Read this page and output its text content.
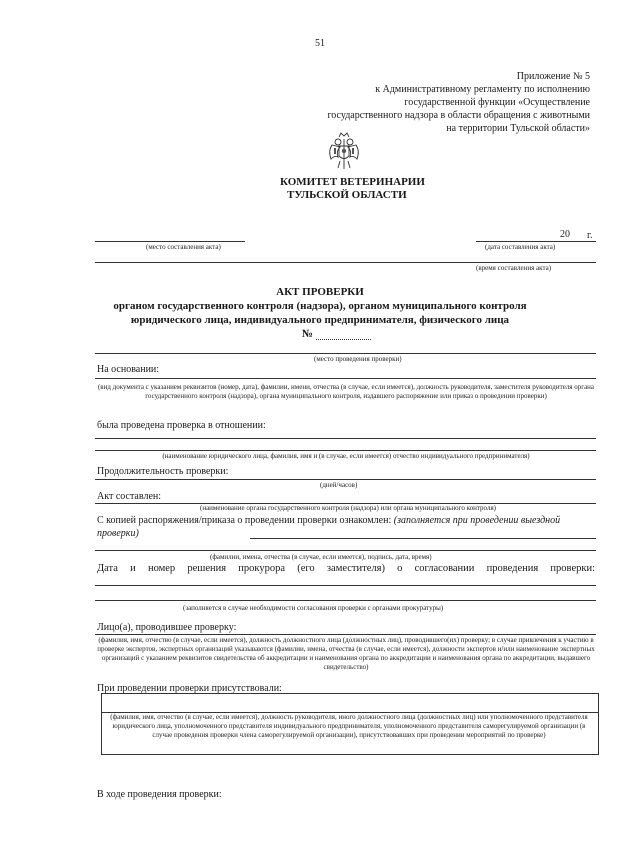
51
Приложение № 5
к Административному регламенту по исполнению
государственной функции «Осуществление
государственного надзора в области обращения с животными
на территории Тульской области»
КОМИТЕТ ВЕТЕРИНАРИИ
ТУЛЬСКОЙ ОБЛАСТИ
20 г.
(место составления акта)	(дата составления акта)
(время составления акта)
АКТ ПРОВЕРКИ
органом государственного контроля (надзора), органом муниципального контроля
юридического лица, индивидуального предпринимателя, физического лица
№
(место проведения проверки)
На основании:
(вид документа с указанием реквизитов (номер, дата), фамилии, имени, отчества (в случае, если имеется), должность руководителя, заместителя руководителя органа государственного контроля (надзора), органа муниципального контроля, издавшего распоряжение или приказ о проведении проверки)
была проведена проверка в отношении:
(наименование юридического лица, фамилия, имя и (в случае, если имеется) отчество индивидуального предпринимателя)
Продолжительность проверки:
(дней/часов)
Акт составлен:
(наименование органа государственного контроля (надзора) или органа муниципального контроля)
С копией распоряжения/приказа о проведении проверки ознакомлен: (заполняется при проведении выездной проверки)
(фамилии, имена, отчества (в случае, если имеется), подпись, дата, время)
Дата и номер решения прокурора (его заместителя) о согласовании проведения проверки:
(заполняется в случае необходимости согласования проверки с органами прокуратуры)
Лицо(а), проводившее проверку:
(фамилия, имя, отчество (в случае, если имеется), должность должностного лица (должностных лиц), проводившего(их) проверку; в случае привлечения к участию в проверке экспертов, экспертных организаций указываются (фамилии, имена, отчества (в случае, если имеется), должности экспертов и/или наименование экспертных организаций с указанием реквизитов свидетельства об аккредитации и наименования органа по аккредитации и наименования органа по аккредитации, выдавшего свидетельство)
При проведении проверки присутствовали:
(фамилия, имя, отчество (в случае, если имеется), должность руководителя, иного должностного лица (должностных лиц) или уполномоченного представителя юридического лица, уполномоченного представителя индивидуального предпринимателя, уполномоченного представителя саморегулируемой организации (в случае проведения проверки члена саморегулируемой организации), присутствовавших при проведении мероприятий по проверке)
В ходе проведения проверки:
